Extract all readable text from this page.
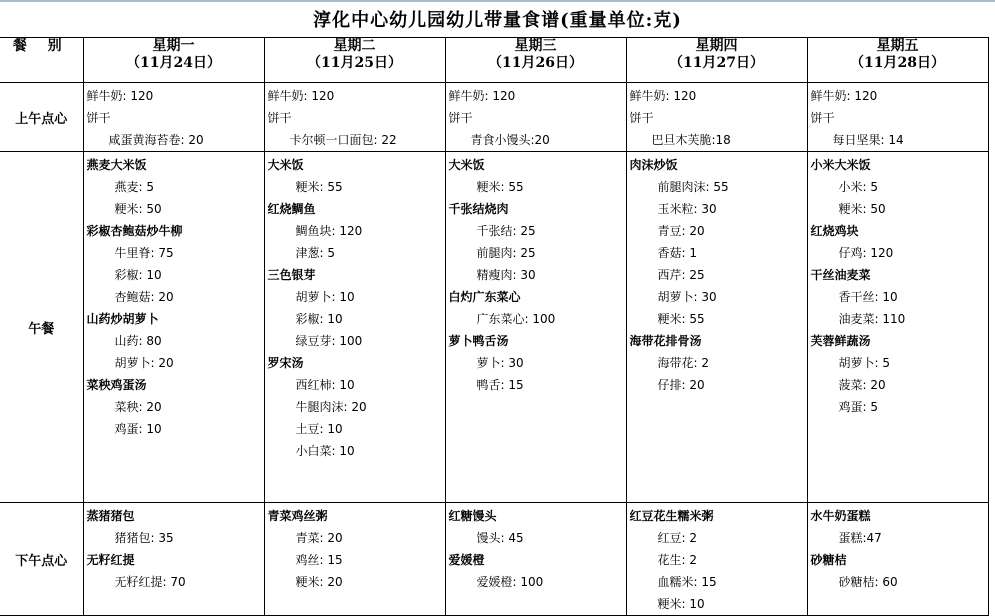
淳化中心幼儿园幼儿带量食谱(重量单位:克)
餐 别	星期一
（11月24日）

星期二
（11月25日）

星期三
（11月26日）

星期四
（11月27日）

星期五
（11月28日）

上午点心	
鲜牛奶: 120
饼干
咸蛋黄海苔卷: 20

鲜牛奶: 120
饼干
卡尔顿一口面包: 22

鲜牛奶: 120
饼干
青食小馒头:20

鲜牛奶: 120
饼干
巴旦木芙脆:18

鲜牛奶: 120
饼干
每日坚果: 14

午餐	
燕麦大米饭
燕麦: 5
粳米: 50
彩椒杏鲍菇炒牛柳
牛里脊: 75
彩椒: 10
杏鲍菇: 20
山药炒胡萝卜
山药: 80
胡萝卜: 20
菜秧鸡蛋汤
菜秧: 20
鸡蛋: 10

大米饭
粳米: 55
红烧鲷鱼
鲷鱼块: 120
津葱: 5
三色银芽
胡萝卜: 10
彩椒: 10
绿豆芽: 100
罗宋汤
西红柿: 10
牛腿肉沫: 20
土豆: 10
小白菜: 10

大米饭
粳米: 55
千张结烧肉
千张结: 25
前腿肉: 25
精瘦肉: 30
白灼广东菜心
广东菜心: 100
萝卜鸭舌汤
萝卜: 30
鸭舌: 15

肉沫炒饭
前腿肉沫: 55
玉米粒: 30
青豆: 20
香菇: 1
西芹: 25
胡萝卜: 30
粳米: 55
海带花排骨汤
海带花: 2
仔排: 20

小米大米饭
小米: 5
粳米: 50
红烧鸡块
仔鸡: 120
干丝油麦菜
香干丝: 10
油麦菜: 110
芙蓉鲜蔬汤
胡萝卜: 5
菠菜: 20
鸡蛋: 5

下午点心	
蒸猪猪包
猪猪包: 35
无籽红提
无籽红提: 70

青菜鸡丝粥
青菜: 20
鸡丝: 15
粳米: 20

红糖馒头
馒头: 45
爱媛橙
爱媛橙: 100

红豆花生糯米粥
红豆: 2
花生: 2
血糯米: 15
粳米: 10

水牛奶蛋糕
蛋糕:47
砂糖桔
砂糖桔: 60
